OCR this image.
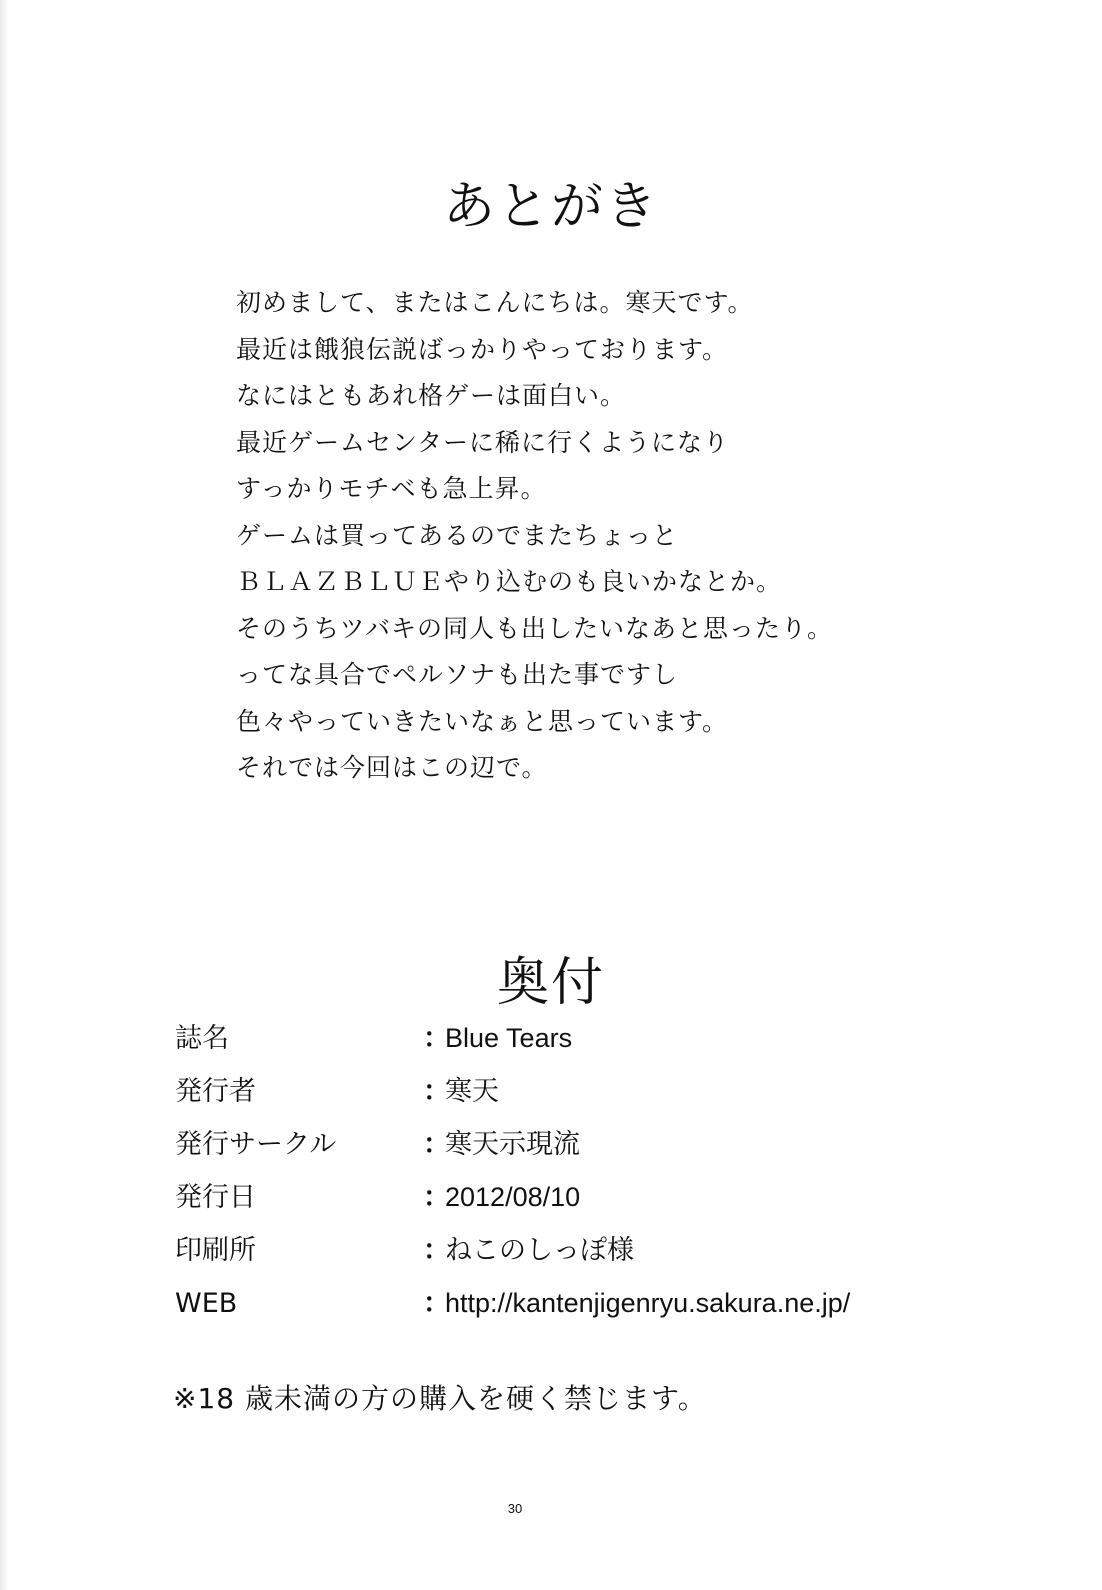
あとがき
初めまして、またはこんにちは。寒天です。
最近は餓狼伝説ばっかりやっております。
なにはともあれ格ゲーは面白い。
最近ゲームセンターに稀に行くようになり
すっかりモチベも急上昇。
ゲームは買ってあるのでまたちょっと
ＢＬＡＺＢＬＵＥやり込むのも良いかなとか。
そのうちツバキの同人も出したいなあと思ったり。
ってな具合でペルソナも出た事ですし
色々やっていきたいなぁと思っています。
それでは今回はこの辺で。
奥付
誌名	：
Blue Tears
発行者	：
寒天
発行サークル	：
寒天示現流
発行日	：
2012/08/10
印刷所	：
ねこのしっぽ様
WEB	：
http://kantenjigenryu.sakura.ne.jp/
※18 歳未満の方の購入を硬く禁じます。
30
